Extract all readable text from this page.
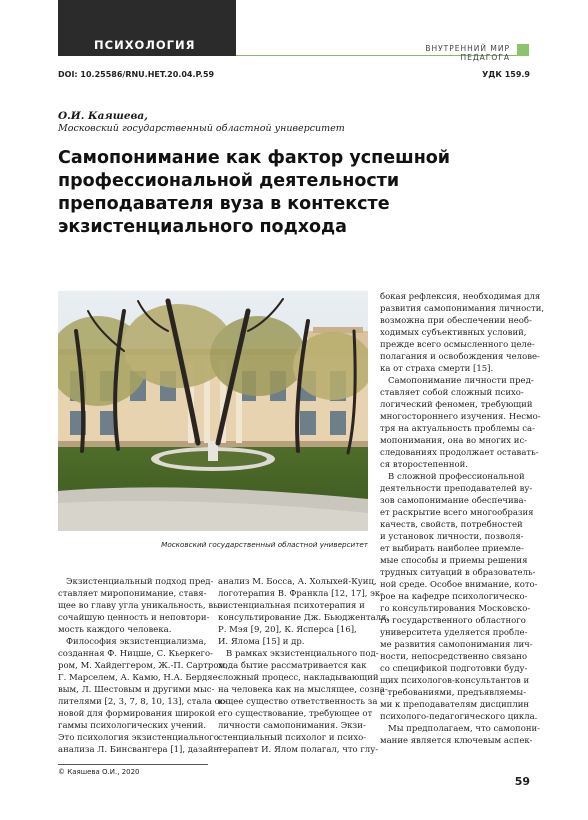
ПСИХОЛОГИЯ	ВНУТРЕННИЙ МИР ПЕДАГОГА
DOI: 10.25586/RNU.HET.20.04.P.59	УДК 159.9
О.И. Каяшева,
Московский государственный областной университет
Самопонимание как фактор успешной
профессиональной деятельности
преподавателя вуза в контексте
экзистенциального подхода
Московский государственный областной университет
Экзистенциальный подход пред-
ставляет миропонимание, ставя-
щее во главу угла уникальность, вы-
сочайшую ценность и неповтори-
мость каждого человека.
Философия экзистенциализма,
созданная Ф. Ницше, С. Кьеркего-
ром, М. Хайдеггером, Ж.-П. Сартром,
Г. Марселем, А. Камю, Н.А. Бердяе-
вым, Л. Шестовым и другими мыс-
лителями [2, 3, 7, 8, 10, 13], стала ос-
новой для формирования широкой
гаммы психологических учений.
Это психология экзистенциального
анализа Л. Бинсвангера [1], дазайн-
анализ М. Босса, А. Холыхей-Куиц,
логотерапия В. Франкла [12, 17], эк-
зистенциальная психотерапия и
консультирование Дж. Бьюдженталя,
Р. Мэя [9, 20], К. Ясперса [16],
И. Ялома [15] и др.
В рамках экзистенциального под-
хода бытие рассматривается как
сложный процесс, накладывающий
на человека как на мыслящее, созна-
ющее существо ответственность за
его существование, требующее от
личности самопонимания. Экзи-
стенциальный психолог и психо-
терапевт И. Ялом полагал, что глу-
бокая рефлексия, необходимая для
развития самопонимания личности,
возможна при обеспечении необ-
ходимых субъективных условий,
прежде всего осмысленного целе-
полагания и освобождения челове-
ка от страха смерти [15].
Самопонимание личности пред-
ставляет собой сложный психо-
логический феномен, требующий
многостороннего изучения. Несмо-
тря на актуальность проблемы са-
мопонимания, она во многих ис-
следованиях продолжает оставать-
ся второстепенной.
В сложной профессиональной
деятельности преподавателей ву-
зов самопонимание обеспечива-
ет раскрытие всего многообразия
качеств, свойств, потребностей
и установок личности, позволя-
ет выбирать наиболее приемле-
мые способы и приемы решения
трудных ситуаций в образователь-
ной среде. Особое внимание, кото-
рое на кафедре психологическо-
го консультирования Московско-
го государственного областного
университета уделяется пробле-
ме развития самопонимания лич-
ности, непосредственно связано
со спецификой подготовки буду-
щих психологов-консультантов и
с требованиями, предъявляемы-
ми к преподавателям дисциплин
психолого-педагогического цикла.
Мы предполагаем, что самопони-
мание является ключевым аспек-
© Каяшева О.И., 2020
59
